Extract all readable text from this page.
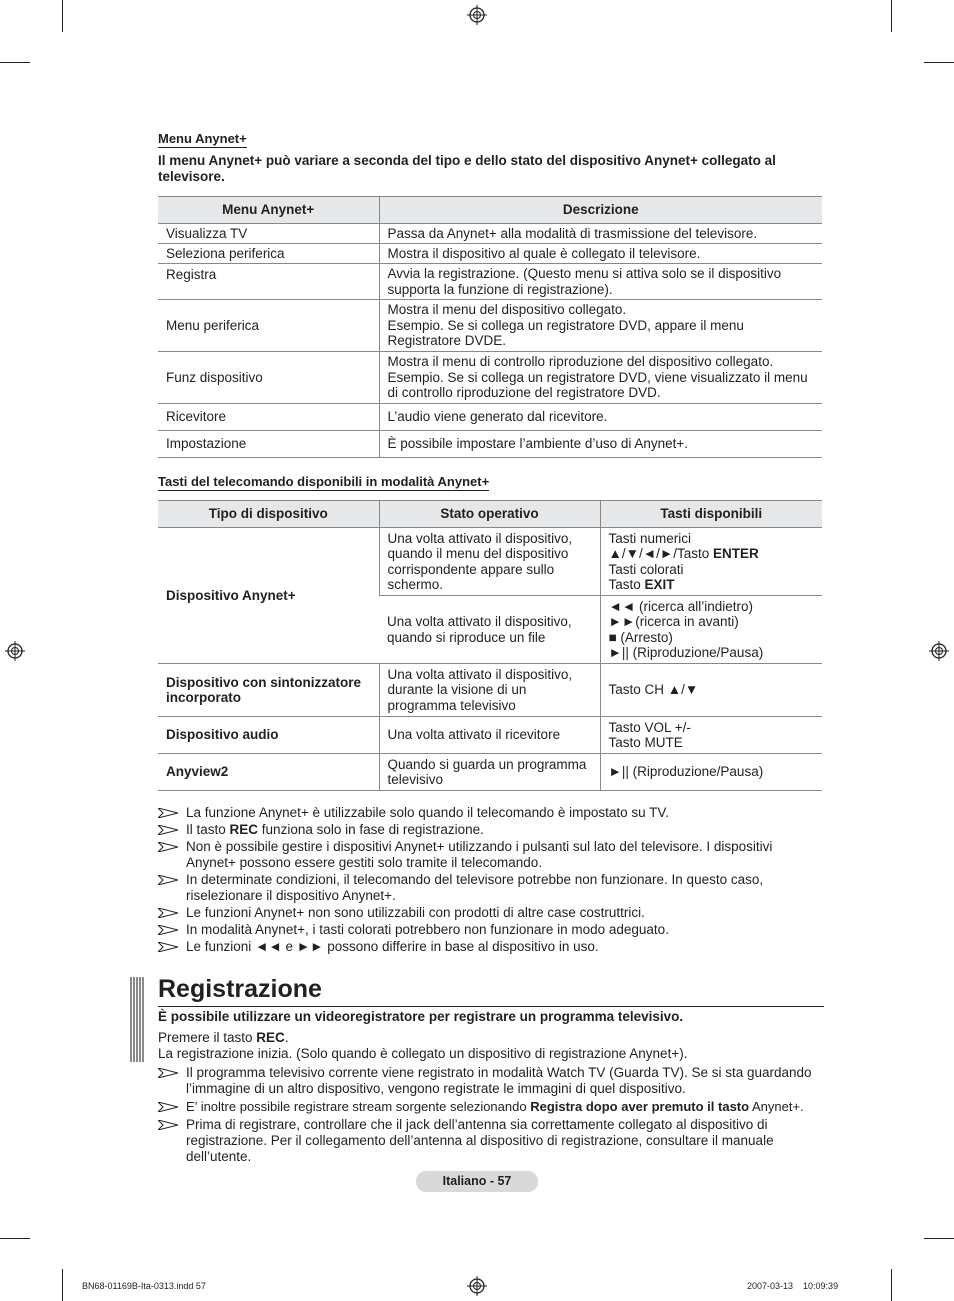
Menu Anynet+

Il menu Anynet+ può variare a seconda del tipo e dello stato del dispositivo Anynet+ collegato al televisore.

Menu Anynet+	Descrizione
Visualizza TV	Passa da Anynet+ alla modalità di trasmissione del televisore.
Seleziona periferica	Mostra il dispositivo al quale è collegato il televisore.
Registra	Avvia la registrazione. (Questo menu si attiva solo se il dispositivo supporta la funzione di registrazione).
Menu periferica	Mostra il menu del dispositivo collegato.
Esempio. Se si collega un registratore DVD, appare il menu Registratore DVDE.
Funz dispositivo	Mostra il menu di controllo riproduzione del dispositivo collegato.
Esempio. Se si collega un registratore DVD, viene visualizzato il menu di controllo riproduzione del registratore DVD.
Ricevitore	L’audio viene generato dal ricevitore.
Impostazione	È possibile impostare l’ambiente d’uso di Anynet+.
Tasti del telecomando disponibili in modalità Anynet+
Tipo di dispositivo	Stato operativo	Tasti disponibili
Dispositivo Anynet+	Una volta attivato il dispositivo, quando il menu del dispositivo corrispondente appare sullo schermo.	Tasti numerici
▲/▼/◄/►/Tasto ENTER
Tasti colorati
Tasto EXIT

	Una volta attivato il dispositivo, quando si riproduce un file	◄◄ (ricerca all’indietro)
►►(ricerca in avanti)
■ (Arresto)
►|| (Riproduzione/Pausa)

Dispositivo con sintonizzatore incorporato	Una volta attivato il dispositivo, durante la visione di un programma televisivo	Tasto CH ▲/▼
Dispositivo audio	Una volta attivato il ricevitore	Tasto VOL +/-
Tasto MUTE

Anyview2	Quando si guarda un programma televisivo	►|| (Riproduzione/Pausa)
La funzione Anynet+ è utilizzabile solo quando il telecomando è impostato su TV.
Il tasto REC funziona solo in fase di registrazione.
Non è possibile gestire i dispositivi Anynet+ utilizzando i pulsanti sul lato del televisore. I dispositivi Anynet+ possono essere gestiti solo tramite il telecomando.
In determinate condizioni, il telecomando del televisore potrebbe non funzionare. In questo caso, riselezionare il dispositivo Anynet+.
Le funzioni Anynet+ non sono utilizzabili con prodotti di altre case costruttrici.
In modalità Anynet+, i tasti colorati potrebbero non funzionare in modo adeguato.
Le funzioni ◄◄ e ►► possono differire in base al dispositivo in uso.
Registrazione

È possibile utilizzare un videoregistratore per registrare un programma televisivo.

Premere il tasto REC.

La registrazione inizia. (Solo quando è collegato un dispositivo di registrazione Anynet+).

Il programma televisivo corrente viene registrato in modalità Watch TV (Guarda TV). Se si sta guardando l’immagine di un altro dispositivo, vengono registrate le immagini di quel dispositivo.
E’ inoltre possibile registrare stream sorgente selezionando Registra dopo aver premuto il tasto Anynet+.
Prima di registrare, controllare che il jack dell’antenna sia correttamente collegato al dispositivo di registrazione. Per il collegamento dell’antenna al dispositivo di registrazione, consultare il manuale dell’utente.
Italiano - 57
BN68-01169B-Ita-0313.indd 57	2007-03-13    10:09:39
